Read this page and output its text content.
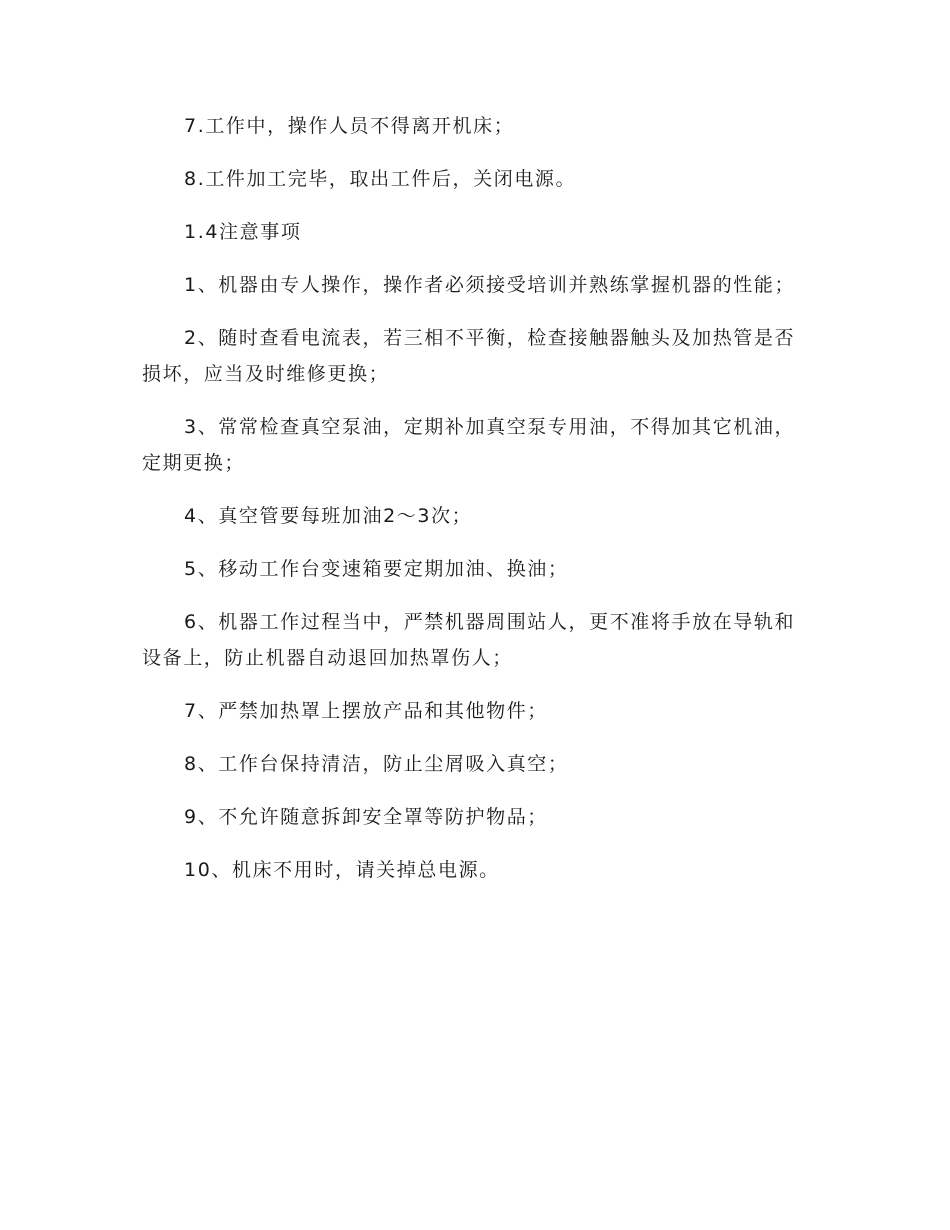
7.工作中，操作人员不得离开机床；

8.工件加工完毕，取出工件后，关闭电源。

1.4注意事项

1、机器由专人操作，操作者必须接受培训并熟练掌握机器的性能；

2、随时查看电流表，若三相不平衡，检查接触器触头及加热管是否损坏，应当及时维修更换；

3、常常检查真空泵油，定期补加真空泵专用油，不得加其它机油，定期更换；

4、真空管要每班加油2～3次；

5、移动工作台变速箱要定期加油、换油；

6、机器工作过程当中，严禁机器周围站人，更不准将手放在导轨和设备上，防止机器自动退回加热罩伤人；

7、严禁加热罩上摆放产品和其他物件；

8、工作台保持清洁，防止尘屑吸入真空；

9、不允许随意拆卸安全罩等防护物品；

10、机床不用时，请关掉总电源。
